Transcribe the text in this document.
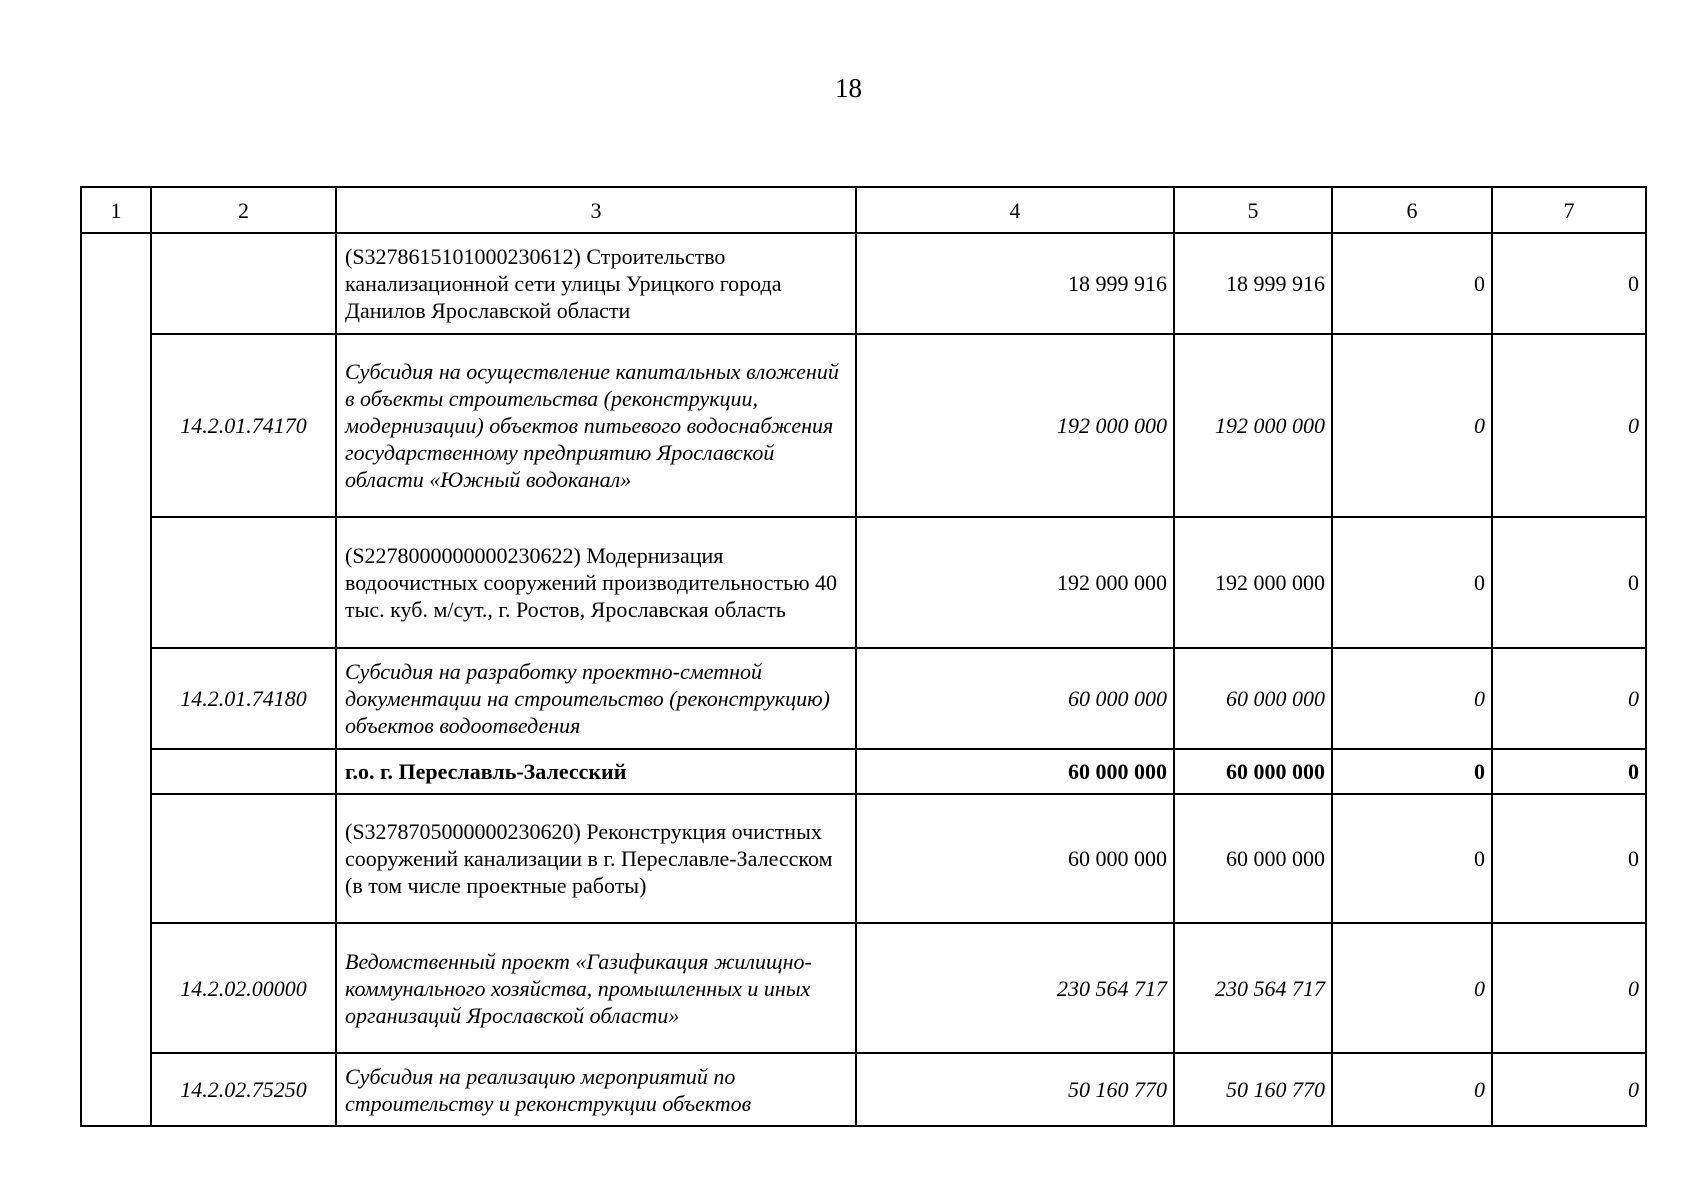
18
1	2	3	4	5	6	7
		(S327861510100023061​2) Строительство канализационной сети улицы Урицкого города Данилов Ярославской области	18 999 916	18 999 916	0	0
	14.2.01.74170	Субсидия на осуществление капитальных вложений в объекты строительства (реконструкции, модернизации) объектов питьевого водоснабжения государственному предприятию Ярославской области «Южный водоканал»	192 000 000	192 000 000	0	0
		(S2278000000000230622) Модернизация водоочистных сооружений производительностью 40 тыс. куб. м/сут., г. Ростов, Ярославская область	192 000 000	192 000 000	0	0
	14.2.01.74180	Субсидия на разработку проектно-сметной документации на строительство (реконструкцию) объектов водоотведения	60 000 000	60 000 000	0	0
		г.о. г. Переславль-Залесский	60 000 000	60 000 000	0	0
		(S3278705000000230620) Реконструкция очистных сооружений канализации в г. Переславле-Залесском (в том числе проектные работы)	60 000 000	60 000 000	0	0
	14.2.02.00000	Ведомственный проект «Газификация жилищно-коммунального хозяйства, промышленных и иных организаций Ярославской области»	230 564 717	230 564 717	0	0
	14.2.02.75250	Субсидия на реализацию мероприятий по строительству и реконструкции объектов	50 160 770	50 160 770	0	0
